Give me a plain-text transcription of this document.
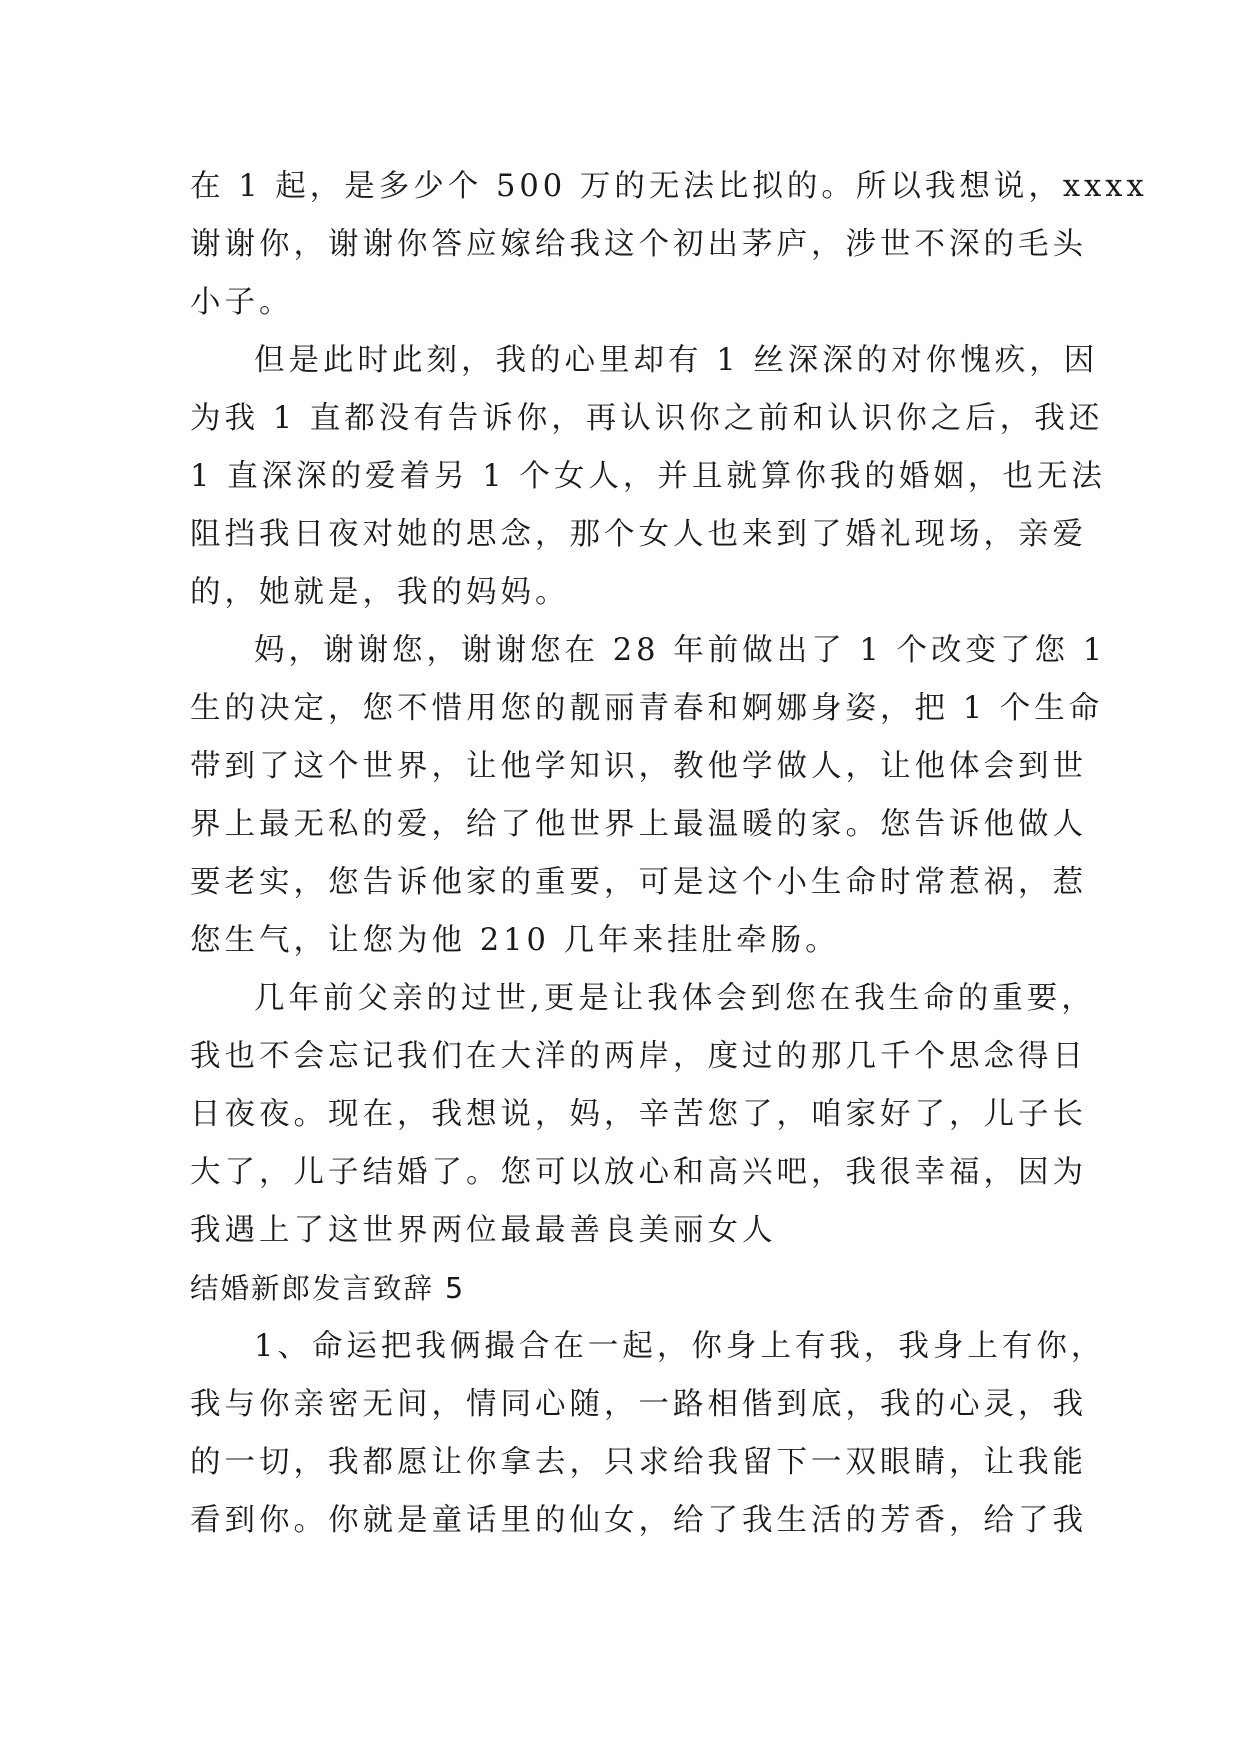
在 1 起，是多少个 500 万的无法比拟的。所以我想说，xxxx
谢谢你，谢谢你答应嫁给我这个初出茅庐，涉世不深的毛头
小子。
但是此时此刻，我的心里却有 1 丝深深的对你愧疚，因
为我 1 直都没有告诉你，再认识你之前和认识你之后，我还
1 直深深的爱着另 1 个女人，并且就算你我的婚姻，也无法
阻挡我日夜对她的思念，那个女人也来到了婚礼现场，亲爱
的，她就是，我的妈妈。
妈，谢谢您，谢谢您在 28 年前做出了 1 个改变了您 1
生的决定，您不惜用您的靓丽青春和婀娜身姿，把 1 个生命
带到了这个世界，让他学知识，教他学做人，让他体会到世
界上最无私的爱，给了他世界上最温暖的家。您告诉他做人
要老实，您告诉他家的重要，可是这个小生命时常惹祸，惹
您生气，让您为他 210 几年来挂肚牵肠。
几年前父亲的过世,更是让我体会到您在我生命的重要，
我也不会忘记我们在大洋的两岸，度过的那几千个思念得日
日夜夜。现在，我想说，妈，辛苦您了，咱家好了，儿子长
大了，儿子结婚了。您可以放心和高兴吧，我很幸福，因为
我遇上了这世界两位最最善良美丽女人
结婚新郎发言致辞 5
1、命运把我俩撮合在一起，你身上有我，我身上有你，
我与你亲密无间，情同心随，一路相偕到底，我的心灵，我
的一切，我都愿让你拿去，只求给我留下一双眼睛，让我能
看到你。你就是童话里的仙女，给了我生活的芳香，给了我
